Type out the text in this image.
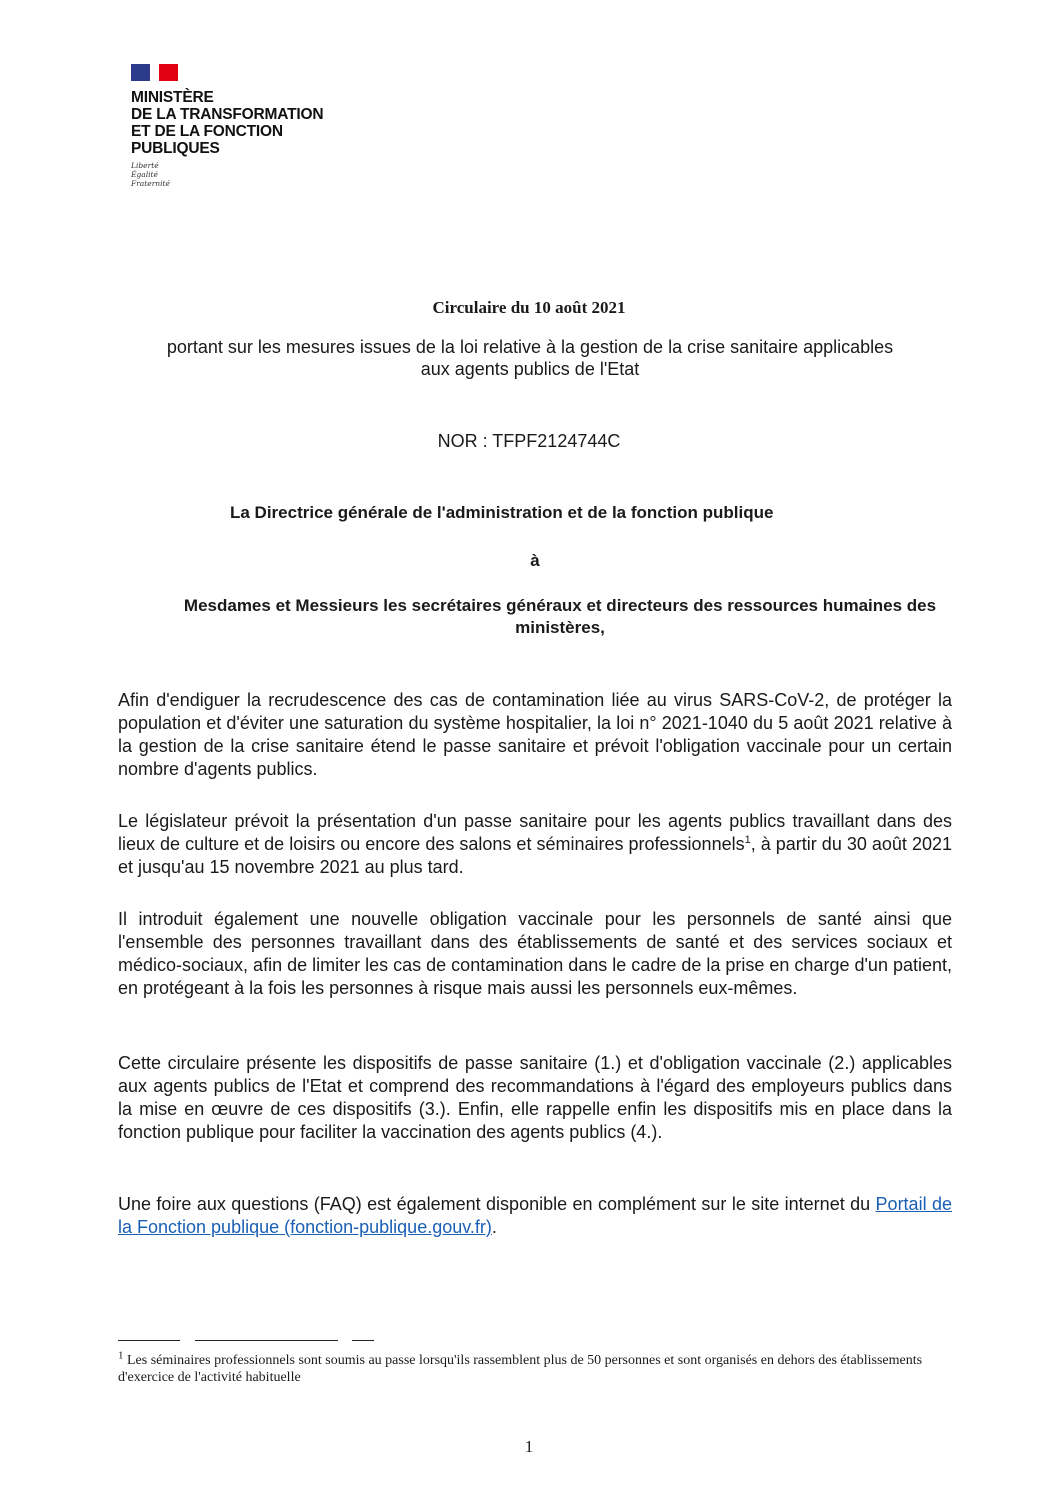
MINISTÈRE
DE LA TRANSFORMATION
ET DE LA FONCTION
PUBLIQUES
Liberté
Égalité
Fraternité
Circulaire du 10 août 2021
portant sur les mesures issues de la loi relative à la gestion de la crise sanitaire applicables aux agents publics de l'Etat
NOR : TFPF2124744C
La Directrice générale de l'administration et de la fonction publique
à
Mesdames et Messieurs les secrétaires généraux et directeurs des ressources humaines des ministères,
Afin d'endiguer la recrudescence des cas de contamination liée au virus SARS-CoV-2, de protéger la population et d'éviter une saturation du système hospitalier, la loi n° 2021-1040 du 5 août 2021 relative à la gestion de la crise sanitaire étend le passe sanitaire et prévoit l'obligation vaccinale pour un certain nombre d'agents publics.
Le législateur prévoit la présentation d'un passe sanitaire pour les agents publics travaillant dans des lieux de culture et de loisirs ou encore des salons et séminaires professionnels$^1$, à partir du 30 août 2021 et jusqu'au 15 novembre 2021 au plus tard.
Il introduit également une nouvelle obligation vaccinale pour les personnels de santé ainsi que l'ensemble des personnes travaillant dans des établissements de santé et des services sociaux et médico-sociaux, afin de limiter les cas de contamination dans le cadre de la prise en charge d'un patient, en protégeant à la fois les personnes à risque mais aussi les personnels eux-mêmes.
Cette circulaire présente les dispositifs de passe sanitaire (1.) et d'obligation vaccinale (2.) applicables aux agents publics de l'Etat et comprend des recommandations à l'égard des employeurs publics dans la mise en œuvre de ces dispositifs (3.). Enfin, elle rappelle enfin les dispositifs mis en place dans la fonction publique pour faciliter la vaccination des agents publics (4.).
Une foire aux questions (FAQ) est également disponible en complément sur le site internet du Portail de la Fonction publique (fonction-publique.gouv.fr).
$^1$ Les séminaires professionnels sont soumis au passe lorsqu'ils rassemblent plus de 50 personnes et sont organisés en dehors des établissements d'exercice de l'activité habituelle
1
